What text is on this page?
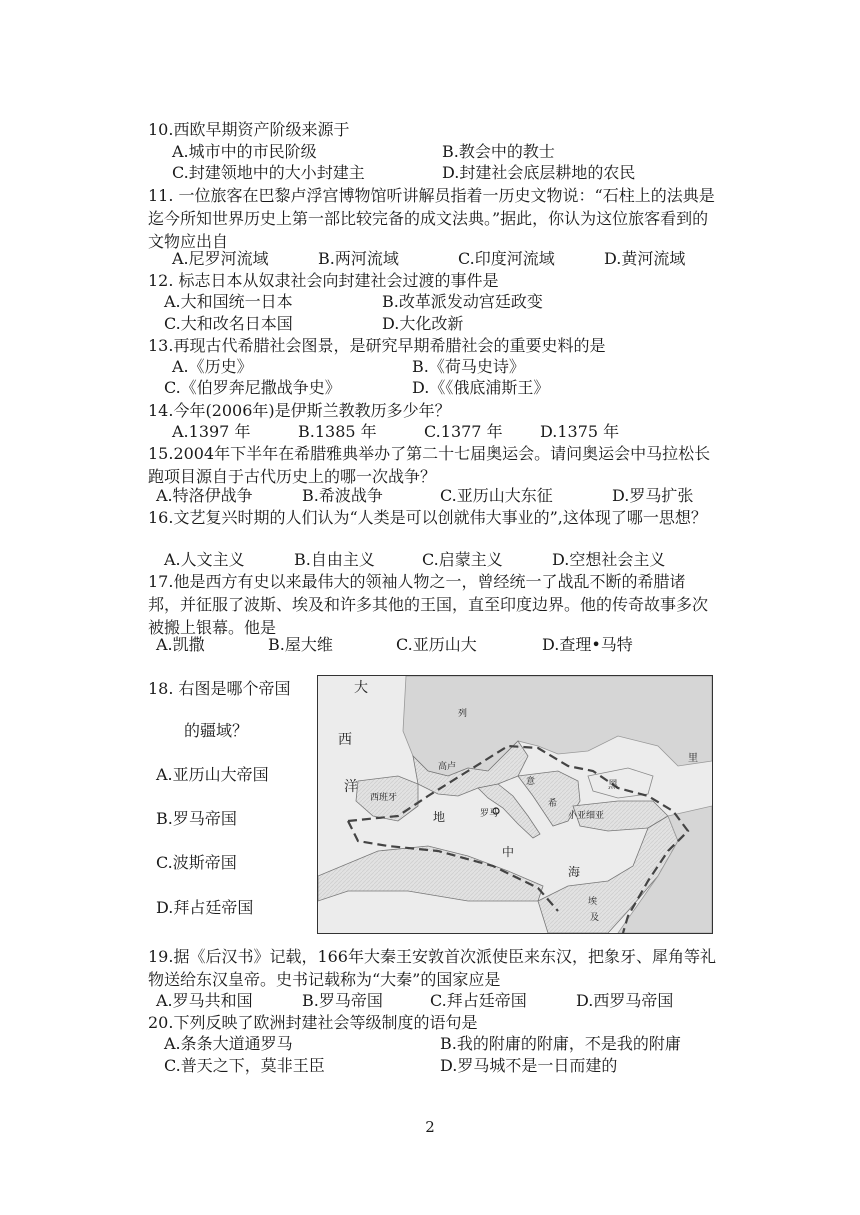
10.西欧早期资产阶级来源于
A.城市中的市民阶级	B.教会中的教士
C.封建领地中的大小封建主	D.封建社会底层耕地的农民
11. 一位旅客在巴黎卢浮宫博物馆听讲解员指着一历史文物说：“石柱上的法典是迄今所知世界历史上第一部比较完备的成文法典。”据此，你认为这位旅客看到的文物应出自
A.尼罗河流域	B.两河流域	C.印度河流域	D.黄河流域
12. 标志日本从奴隶社会向封建社会过渡的事件是
A.大和国统一日本	B.改革派发动宫廷政变
C.大和改名日本国	D.大化改新
13.再现古代希腊社会图景，是研究早期希腊社会的重要史料的是
A.《历史》	B.《荷马史诗》
C.《伯罗奔尼撒战争史》	D.《《俄底浦斯王》
14.今年(2006年)是伊斯兰教教历多少年？
A.1397 年	B.1385 年	C.1377 年 D.1375 年
15.2004年下半年在希腊雅典举办了第二十七届奥运会。请问奥运会中马拉松长跑项目源自于古代历史上的哪一次战争？
A.特洛伊战争	B.希波战争	C.亚历山大东征	D.罗马扩张
16.文艺复兴时期的人们认为“人类是可以创就伟大事业的”,这体现了哪一思想？
A.人文主义	B.自由主义	C.启蒙主义	D.空想社会主义
17.他是西方有史以来最伟大的领袖人物之一，曾经统一了战乱不断的希腊诸邦，并征服了波斯、埃及和许多其他的王国，直至印度边界。他的传奇故事多次被搬上银幕。他是
A.凯撒	B.屋大维	C.亚历山大	D.查理•马特
18. 右图是哪个帝国
的疆域？
A.亚历山大帝国
B.罗马帝国
C.波斯帝国
D.拜占廷帝国
大
西
洋
西班牙
高卢
罗马
意
希
黑
小亚细亚
地
中
海
里
列
埃
及
19.据《后汉书》记载，166年大秦王安敦首次派使臣来东汉，把象牙、犀角等礼物送给东汉皇帝。史书记载称为“大秦”的国家应是
A.罗马共和国	B.罗马帝国	C.拜占廷帝国	D.西罗马帝国
20.下列反映了欧洲封建社会等级制度的语句是
A.条条大道通罗马	B.我的附庸的附庸，不是我的附庸
C.普天之下，莫非王臣	D.罗马城不是一日而建的
2
